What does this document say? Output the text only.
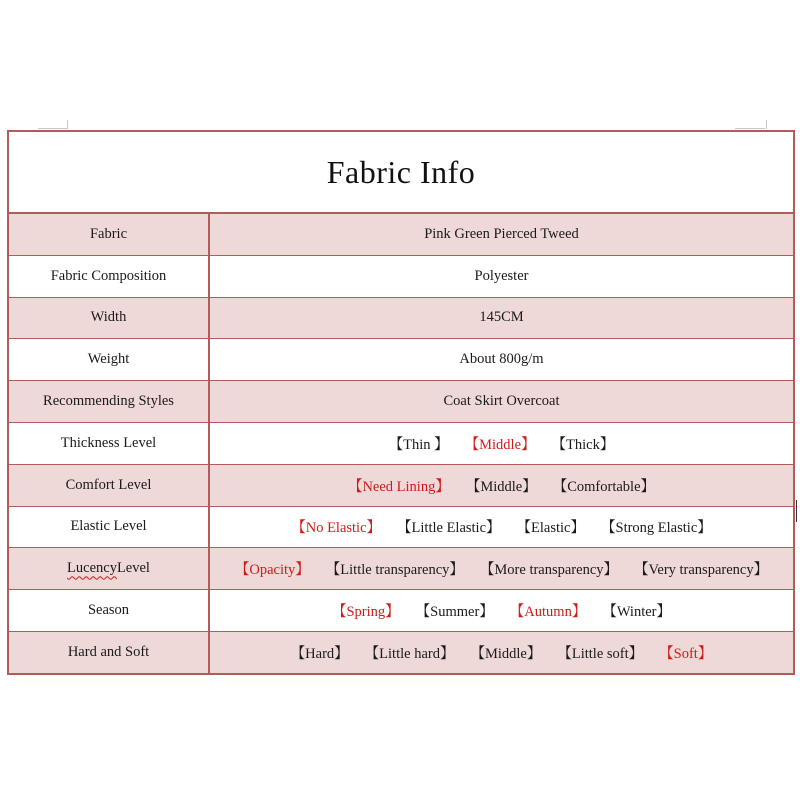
Fabric Info
Fabric	Pink Green Pierced Tweed
Fabric Composition	Polyester
Width	145CM
Weight	About 800g/m
Recommending Styles	Coat Skirt Overcoat
Thickness Level	【Thin 】 【Middle】 【Thick】
Comfort Level	【Need Lining】 【Middle】 【Comfortable】
Elastic Level	【No Elastic】 【Little Elastic】 【Elastic】 【Strong Elastic】
Lucency Level	【Opacity】 【Little transparency】 【More transparency】 【Very transparency】
Season	【Spring】 【Summer】 【Autumn】 【Winter】
Hard and Soft	【Hard】 【Little hard】 【Middle】 【Little soft】 【Soft】
